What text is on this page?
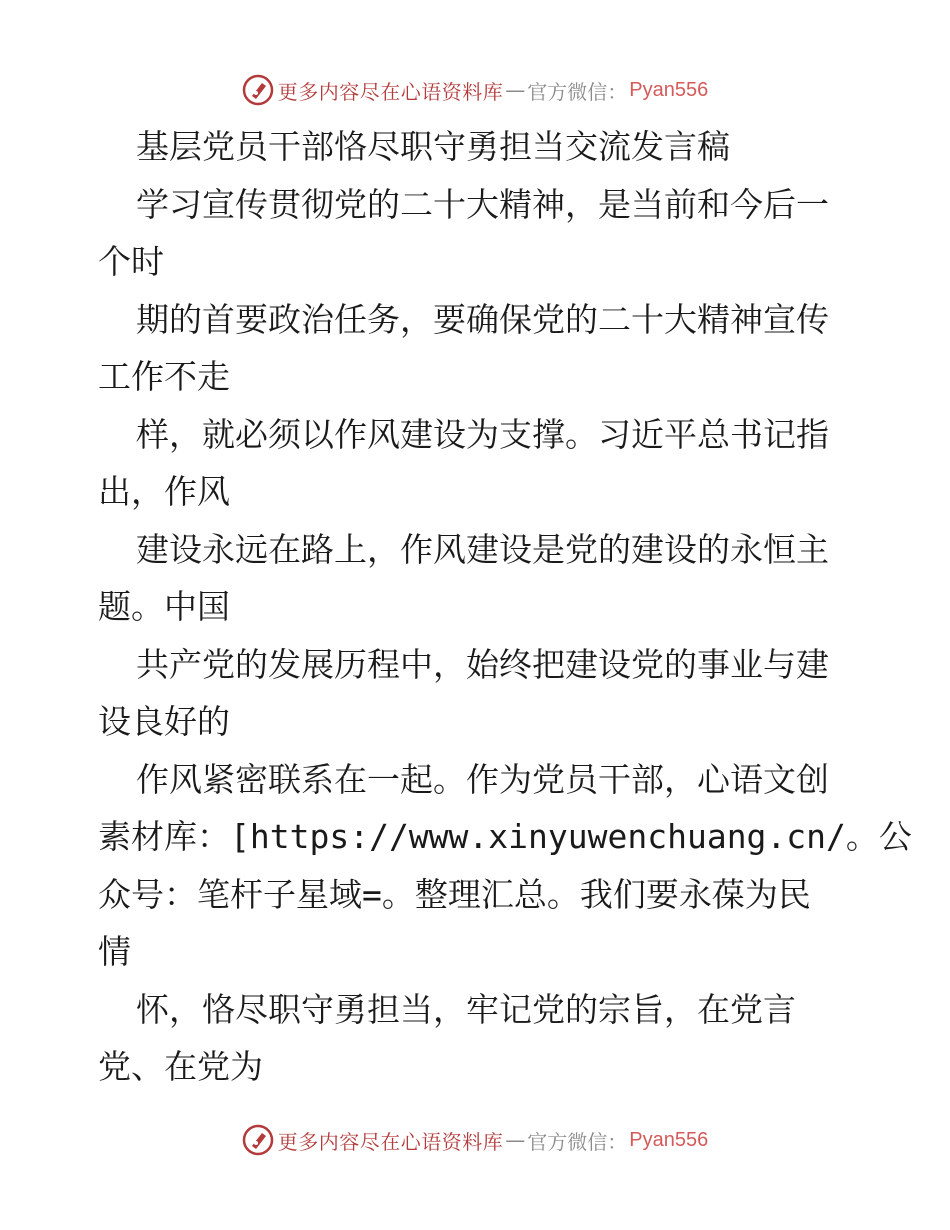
更多内容尽在心语资料库 — 官方微信： Pyan556

基层党员干部恪尽职守勇担当交流发言稿

学习宣传贯彻党的二十大精神，是当前和今后一

个时

期的首要政治任务，要确保党的二十大精神宣传

工作不走

样，就必须以作风建设为支撑。习近平总书记指

出，作风

建设永远在路上，作风建设是党的建设的永恒主

题。中国

共产党的发展历程中，始终把建设党的事业与建

设良好的

作风紧密联系在一起。作为党员干部，心语文创

素材库：[https://www.xinyuwenchuang.cn/。公

众号：笔杆子星域=。整理汇总。我们要永葆为民

情

怀，恪尽职守勇担当，牢记党的宗旨，在党言

党、在党为

更多内容尽在心语资料库 — 官方微信： Pyan556
